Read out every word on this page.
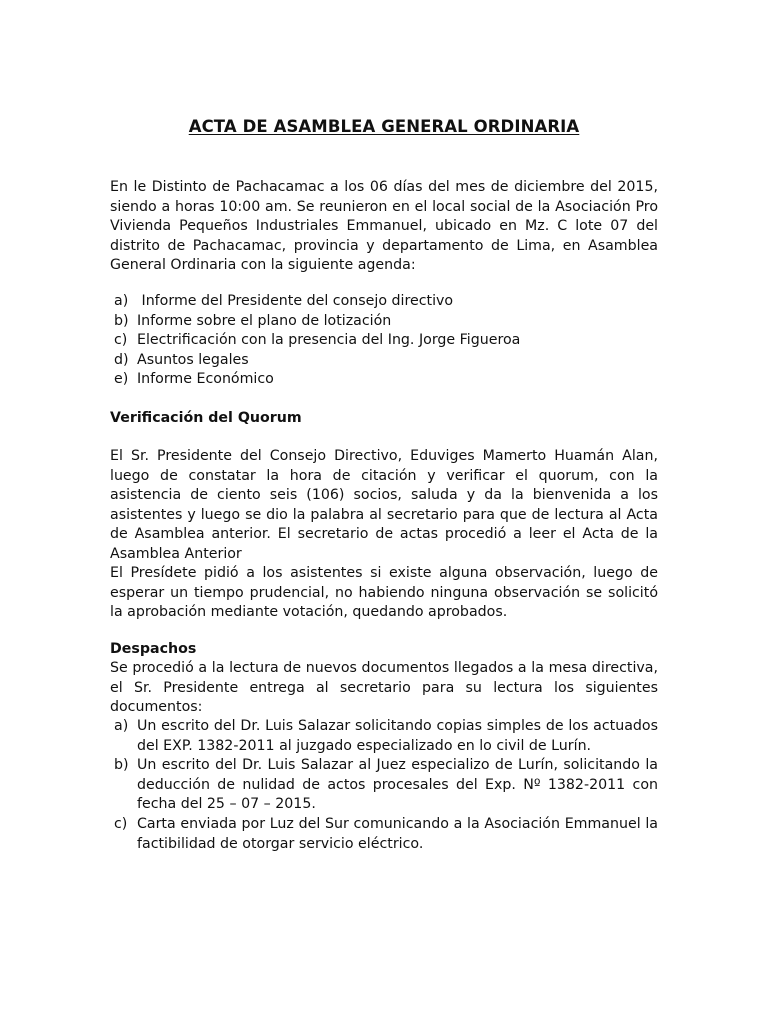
ACTA DE ASAMBLEA GENERAL ORDINARIA

En le Distinto de Pachacamac a los 06 días del mes de diciembre del 2015, siendo a horas 10:00 am. Se reunieron en el local social de la Asociación Pro Vivienda Pequeños Industriales Emmanuel, ubicado en Mz. C lote 07 del distrito de Pachacamac, provincia y departamento de Lima, en Asamblea General Ordinaria con la siguiente agenda:

a) Informe del Presidente del consejo directivo
b) Informe sobre el plano de lotización
c) Electrificación con la presencia del Ing. Jorge Figueroa
d) Asuntos legales
e) Informe Económico

Verificación del Quorum

El Sr. Presidente del Consejo Directivo, Eduviges Mamerto Huamán Alan, luego de constatar la hora de citación y verificar el quorum, con la asistencia de ciento seis (106) socios, saluda y da la bienvenida a los asistentes y luego se dio la palabra al secretario para que de lectura al Acta de Asamblea anterior. El secretario de actas procedió a leer el Acta de la Asamblea Anterior

El Presídete pidió a los asistentes si existe alguna observación, luego de esperar un tiempo prudencial, no habiendo ninguna observación se solicitó la aprobación mediante votación, quedando aprobados.

Despachos

Se procedió a la lectura de nuevos documentos llegados a la mesa directiva, el Sr. Presidente entrega al secretario para su lectura los siguientes documentos:

a) Un escrito del Dr. Luis Salazar solicitando copias simples de los actuados del EXP. 1382-2011 al juzgado especializado en lo civil de Lurín.
b) Un escrito del Dr. Luis Salazar al Juez especializo de Lurín, solicitando la deducción de nulidad de actos procesales del Exp. Nº 1382-2011 con fecha del 25 – 07 – 2015.
c) Carta enviada por Luz del Sur comunicando a la Asociación Emmanuel la factibilidad de otorgar servicio eléctrico.
